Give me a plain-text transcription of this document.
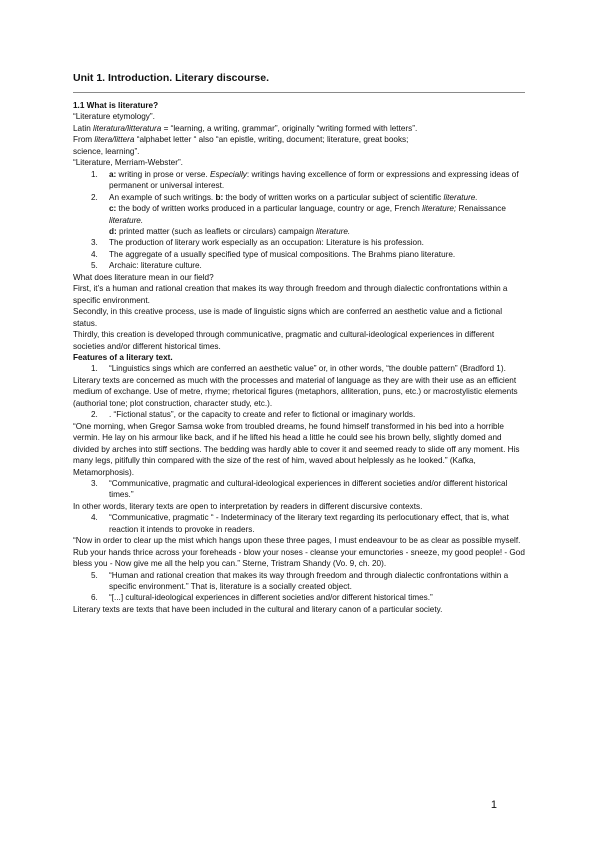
Unit 1. Introduction. Literary discourse.

1.1 What is literature?

“Literature etymology”.

Latin literatura/litteratura = “learning, a writing, grammar”, originally “writing formed with letters”.

From litera/littera “alphabet letter “ also “an epistle, writing, document; literature, great books;

science, learning”.

“Literature, Merriam-Webster”.

1. a: writing in prose or verse. Especially: writings having excellence of form or expressions and expressing ideas of permanent or universal interest.
2. An example of such writings. b: the body of written works on a particular subject of scientific literature.
c: the body of written works produced in a particular language, country or age, French literature; Renaissance literature.
d: printed matter (such as leaflets or circulars) campaign literature.
3. The production of literary work especially as an occupation: Literature is his profession.
4. The aggregate of a usually specified type of musical compositions. The Brahms piano literature.
5. Archaic: literature culture.

What does literature mean in our field?

First, it’s a human and rational creation that makes its way through freedom and through dialectic confrontations within a specific environment.

Secondly, in this creative process, use is made of linguistic signs which are conferred an aesthetic value and a fictional status.

Thirdly, this creation is developed through communicative, pragmatic and cultural-ideological experiences in different societies and/or different historical times.

Features of a literary text.

1. “Linguistics sings which are conferred an aesthetic value” or, in other words, “the double pattern” (Bradford 1).

Literary texts are concerned as much with the processes and material of language as they are with their use as an efficient medium of exchange. Use of metre, rhyme; rhetorical figures (metaphors, alliteration, puns, etc.) or macrostylistic elements (authorial tone; plot construction, character study, etc.).

2. . “Fictional status”, or the capacity to create and refer to fictional or imaginary worlds.

“One morning, when Gregor Samsa woke from troubled dreams, he found himself transformed in his bed into a horrible vermin. He lay on his armour like back, and if he lifted his head a little he could see his brown belly, slightly domed and divided by arches into stiff sections. The bedding was hardly able to cover it and seemed ready to slide off any moment. His many legs, pitifully thin compared with the size of the rest of him, waved about helplessly as he looked.” (Kafka, Metamorphosis).

3. “Communicative, pragmatic and cultural-ideological experiences in different societies and/or different historical times.”

In other words, literary texts are open to interpretation by readers in different discursive contexts.

4. “Communicative, pragmatic “ - Indeterminacy of the literary text regarding its perlocutionary effect, that is, what reaction it intends to provoke in readers.

“Now in order to clear up the mist which hangs upon these three pages, I must endeavour to be as clear as possible myself. Rub your hands thrice across your foreheads - blow your noses - cleanse your emunctories - sneeze, my good people! - God bless you - Now give me all the help you can.” Sterne, Tristram Shandy (Vo. 9, ch. 20).

5. “Human and rational creation that makes its way through freedom and through dialectic confrontations within a specific environment.” That is, literature is a socially created object.
6. “[...] cultural-ideological experiences in different societies and/or different historical times.”

Literary texts are texts that have been included in the cultural and literary canon of a particular society.

1
